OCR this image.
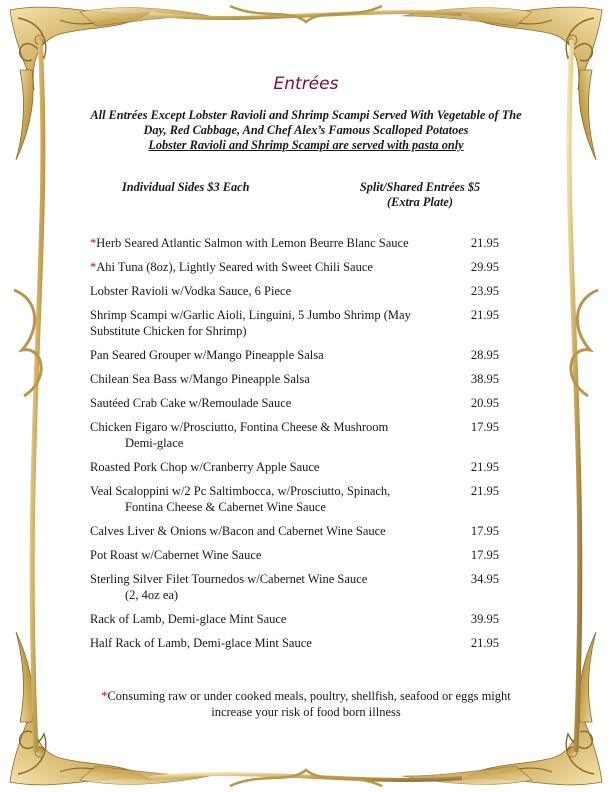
Entrées
All Entrées Except Lobster Ravioli and Shrimp Scampi Served With Vegetable of The Day, Red Cabbage, And Chef Alex’s Famous Scalloped Potatoes
Lobster Ravioli and Shrimp Scampi are served with pasta only
Individual Sides $3 Each	Split/Shared Entrées $5
(Extra Plate)
*Herb Seared Atlantic Salmon with Lemon Beurre Blanc Sauce	21.95
*Ahi Tuna (8oz), Lightly Seared with Sweet Chili Sauce	29.95
Lobster Ravioli w/Vodka Sauce, 6 Piece	23.95
Shrimp Scampi w/Garlic Aioli, Linguini, 5 Jumbo Shrimp (May Substitute Chicken for Shrimp)
21.95
Pan Seared Grouper w/Mango Pineapple Salsa	28.95
Chilean Sea Bass w/Mango Pineapple Salsa	38.95
Sautéed Crab Cake w/Remoulade Sauce	20.95
Chicken Figaro w/Prosciutto, Fontina Cheese & Mushroom
Demi-glace
17.95
Roasted Pork Chop w/Cranberry Apple Sauce	21.95
Veal Scaloppini w/2 Pc Saltimbocca, w/Prosciutto, Spinach,
Fontina Cheese & Cabernet Wine Sauce
21.95
Calves Liver & Onions w/Bacon and Cabernet Wine Sauce	17.95
Pot Roast w/Cabernet Wine Sauce	17.95
Sterling Silver Filet Tournedos w/Cabernet Wine Sauce
(2, 4oz ea)
34.95
Rack of Lamb, Demi-glace Mint Sauce	39.95
Half Rack of Lamb, Demi-glace Mint Sauce	21.95
*Consuming raw or under cooked meals, poultry, shellfish, seafood or eggs might increase your risk of food born illness
